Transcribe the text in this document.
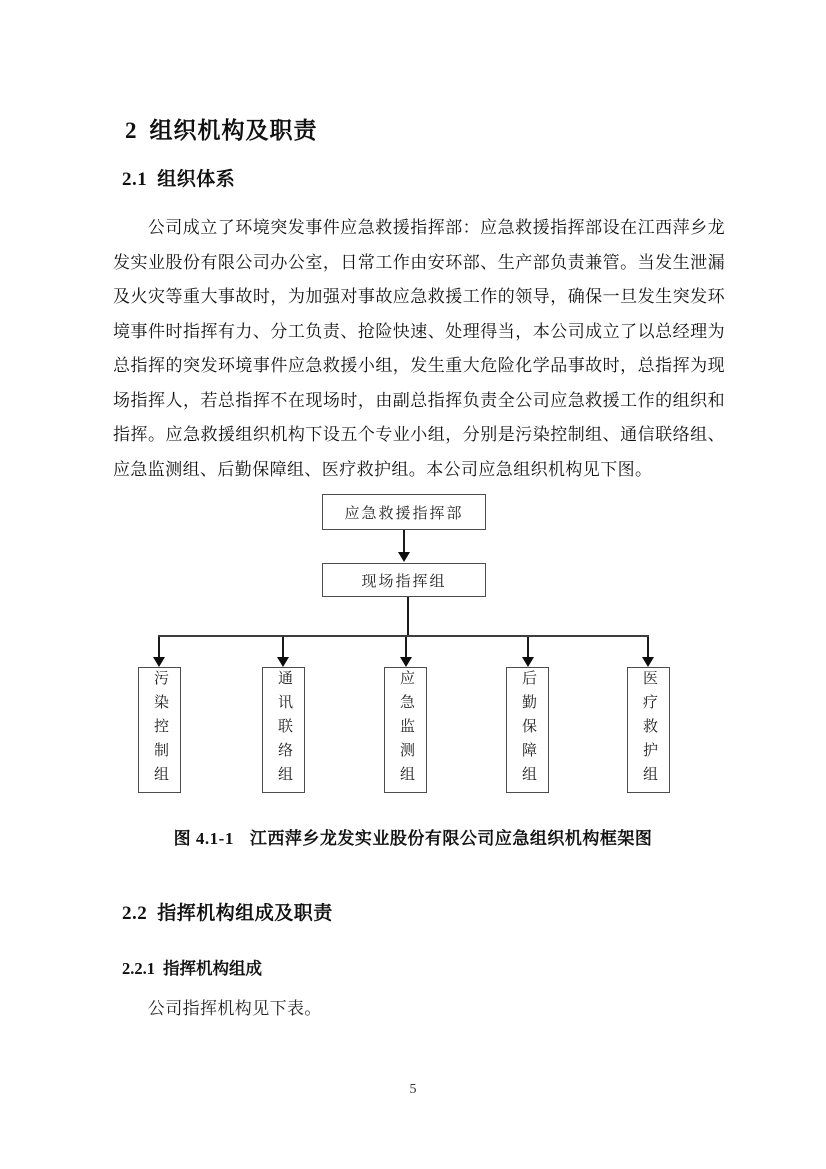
2 组织机构及职责
2.1 组织体系
公司成立了环境突发事件应急救援指挥部：应急救援指挥部设在江西萍乡龙发实业股份有限公司办公室，日常工作由安环部、生产部负责兼管。当发生泄漏及火灾等重大事故时，为加强对事故应急救援工作的领导，确保一旦发生突发环境事件时指挥有力、分工负责、抢险快速、处理得当，本公司成立了以总经理为总指挥的突发环境事件应急救援小组，发生重大危险化学品事故时，总指挥为现场指挥人，若总指挥不在现场时，由副总指挥负责全公司应急救援工作的组织和指挥。应急救援组织机构下设五个专业小组，分别是污染控制组、通信联络组、应急监测组、后勤保障组、医疗救护组。本公司应急组织机构见下图。
应急救援指挥部
现场指挥组
污染控制组	通讯联络组	应急监测组	后勤保障组	医疗救护组
图 4.1-1 江西萍乡龙发实业股份有限公司应急组织机构框架图
2.2 指挥机构组成及职责
2.2.1 指挥机构组成
公司指挥机构见下表。
5
